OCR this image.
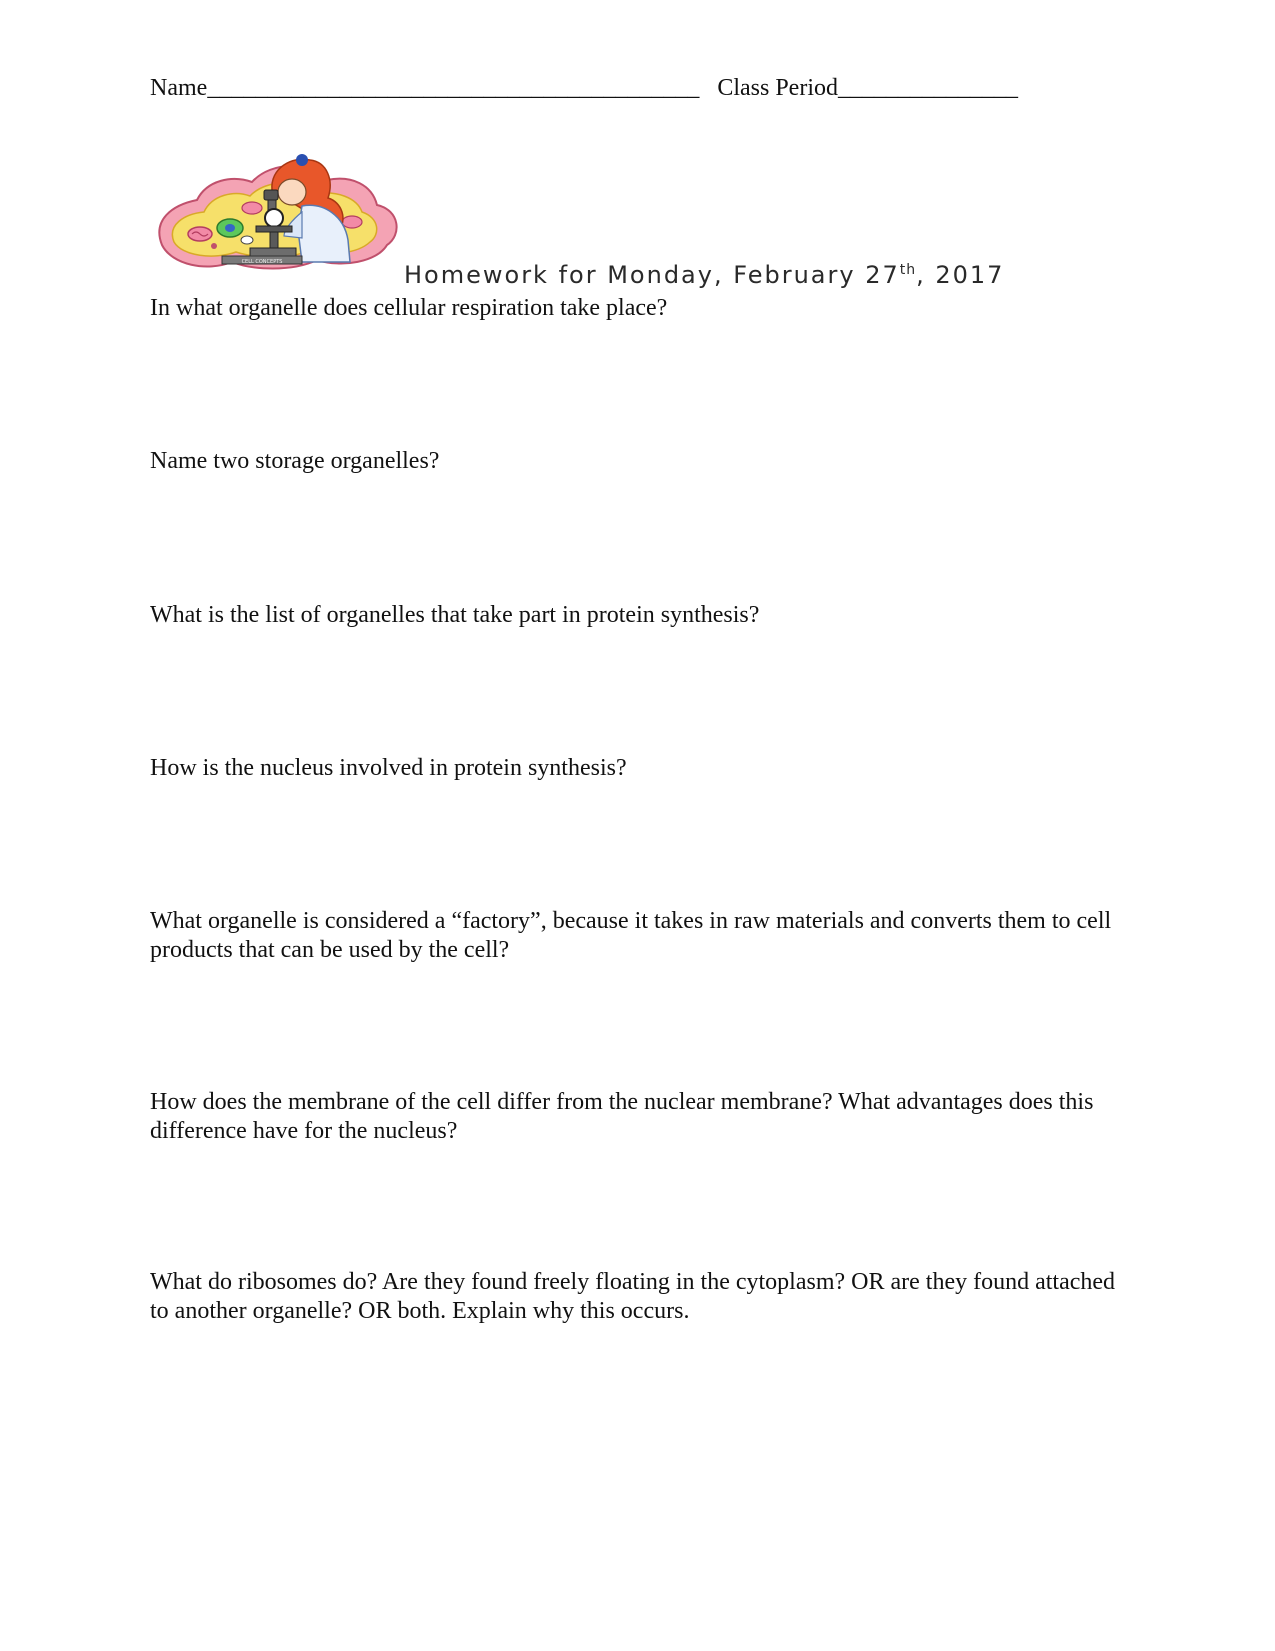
Name_________________________________________ Class Period_______________
CELL CONCEPTS	Homework for Monday, February 27th, 2017
In what organelle does cellular respiration take place?
Name two storage organelles?
What is the list of organelles that take part in protein synthesis?
How is the nucleus involved in protein synthesis?
What organelle is considered a “factory”, because it takes in raw materials and converts them to cell products that can be used by the cell?
How does the membrane of the cell differ from the nuclear membrane? What advantages does this difference have for the nucleus?
What do ribosomes do? Are they found freely floating in the cytoplasm? OR are they found attached to another organelle? OR both. Explain why this occurs.
